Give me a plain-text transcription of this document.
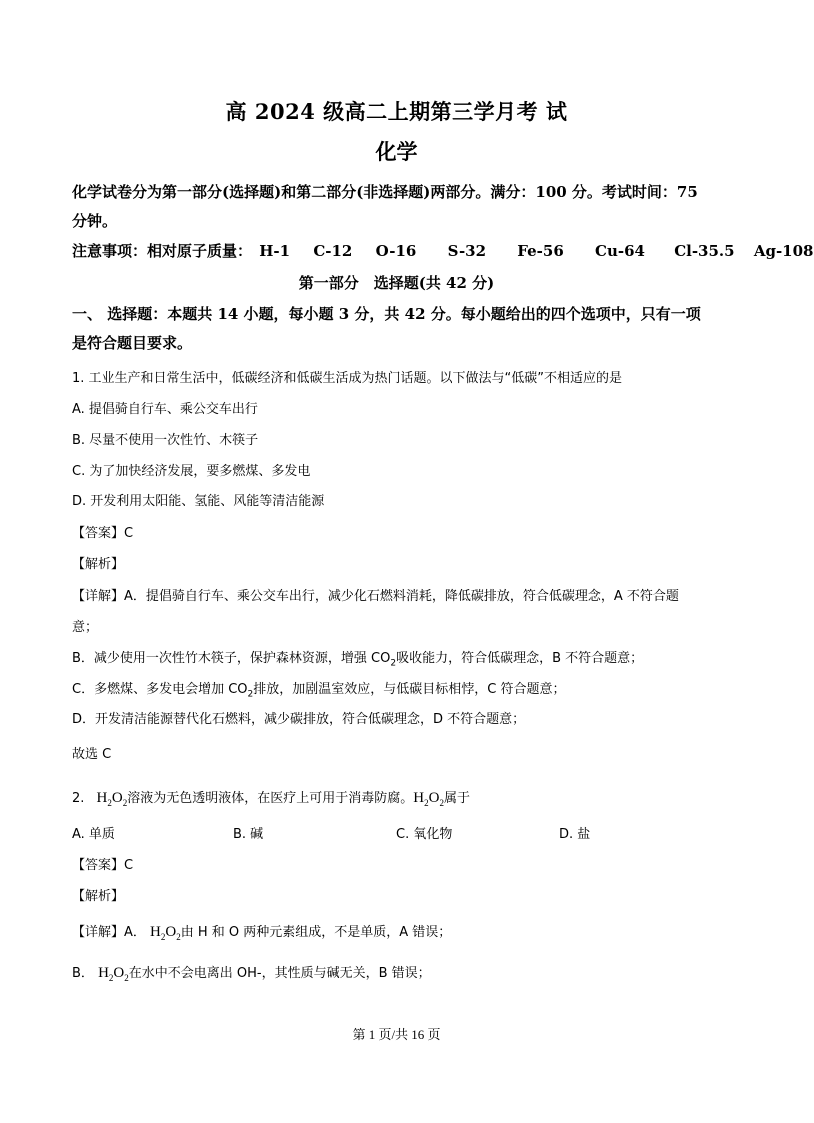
高 2024 级高二上期第三学月考 试
化学
化学试卷分为第一部分(选择题)和第二部分(非选择题)两部分。满分：100 分。考试时间：75
分钟。
注意事项：相对原子质量： H-1 C-12 O-16 S-32 Fe-56 Cu-64 Cl-35.5 Ag-108
第一部分　选择题(共 42 分)
一、 选择题：本题共 14 小题，每小题 3 分，共 42 分。每小题给出的四个选项中，只有一项
是符合题目要求。
1. 工业生产和日常生活中，低碳经济和低碳生活成为热门话题。以下做法与“低碳”不相适应的是
A. 提倡骑自行车、乘公交车出行
B. 尽量不使用一次性竹、木筷子
C. 为了加快经济发展，要多燃煤、多发电
D. 开发利用太阳能、氢能、风能等清洁能源
【答案】C
【解析】
【详解】A．提倡骑自行车、乘公交车出行，减少化石燃料消耗，降低碳排放，符合低碳理念，A 不符合题
意；
B．减少使用一次性竹木筷子，保护森林资源，增强 $CO_2$吸收能力，符合低碳理念，B 不符合题意；
C．多燃煤、多发电会增加 $CO_2$排放，加剧温室效应，与低碳目标相悖，C 符合题意；
D．开发清洁能源替代化石燃料，减少碳排放，符合低碳理念，D 不符合题意；
故选 C
2. $H_2O_2$溶液为无色透明液体，在医疗上可用于消毒防腐。$H_2O_2$属于
A. 单质	B. 碱	C. 氧化物	D. 盐
【答案】C
【解析】
【详解】A． $H_2O_2$由 H 和 O 两种元素组成，不是单质，A 错误；
B． $H_2O_2$在水中不会电离出 OH-，其性质与碱无关，B 错误；
第 1 页/共 16 页
